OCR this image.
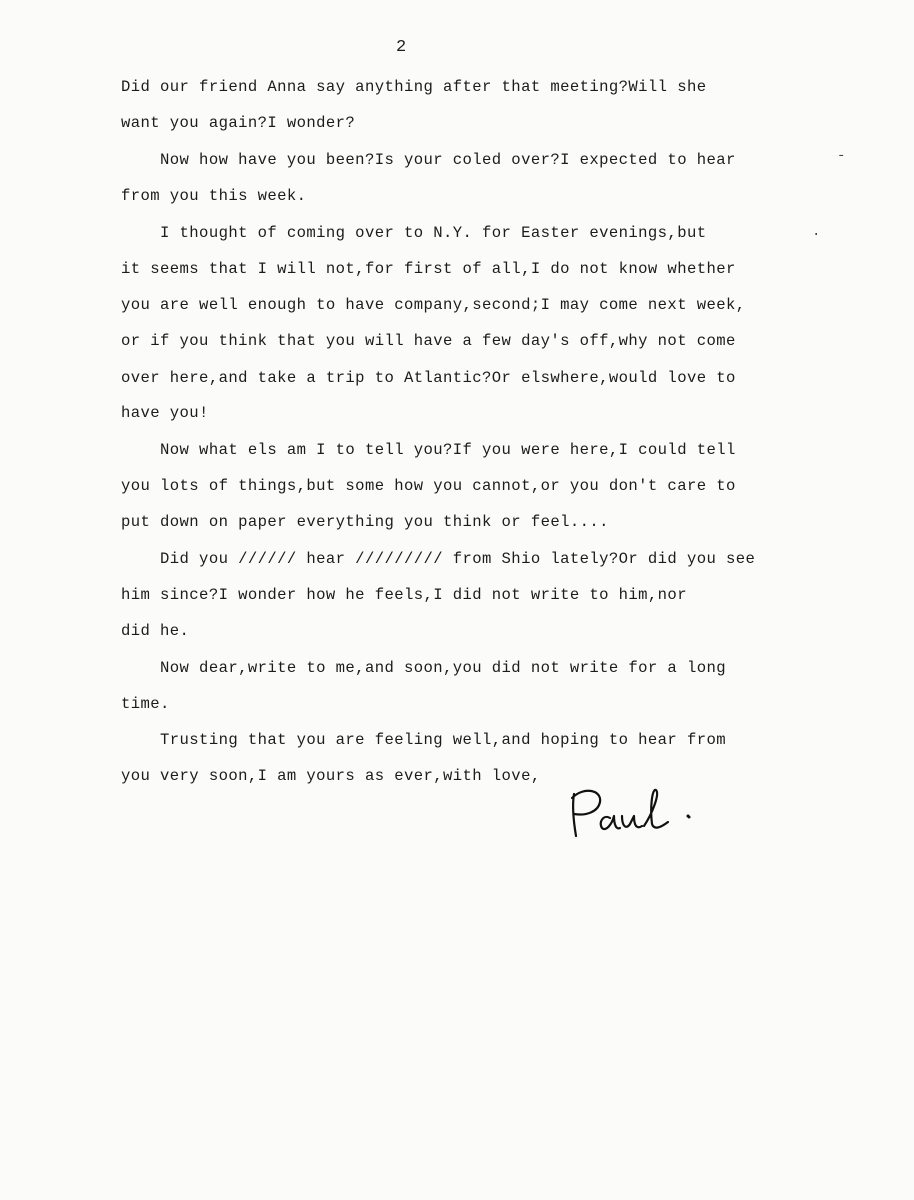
2
Did our friend Anna say anything after that meeting?Will she
want you again?I wonder?
Now how have you been?Is your coled over?I expected to hear
from you this week.
I thought of coming over to N.Y. for Easter evenings,but
it seems that I will not,for first of all,I do not know whether
you are well enough to have company,second;I may come next week,
or if you think that you will have a few day's off,why not come
over here,and take a trip to Atlantic?Or elswhere,would love to
have you!
Now what els am I to tell you?If you were here,I could tell
you lots of things,but some how you cannot,or you don't care to
put down on paper everything you think or feel....
Did you ////// hear ///////// from Shio lately?Or did you see
him since?I wonder how he feels,I did not write to him,nor
did he.
Now dear,write to me,and soon,you did not write for a long
time.
Trusting that you are feeling well,and hoping to hear from
you very soon,I am yours as ever,with love,
-
.
